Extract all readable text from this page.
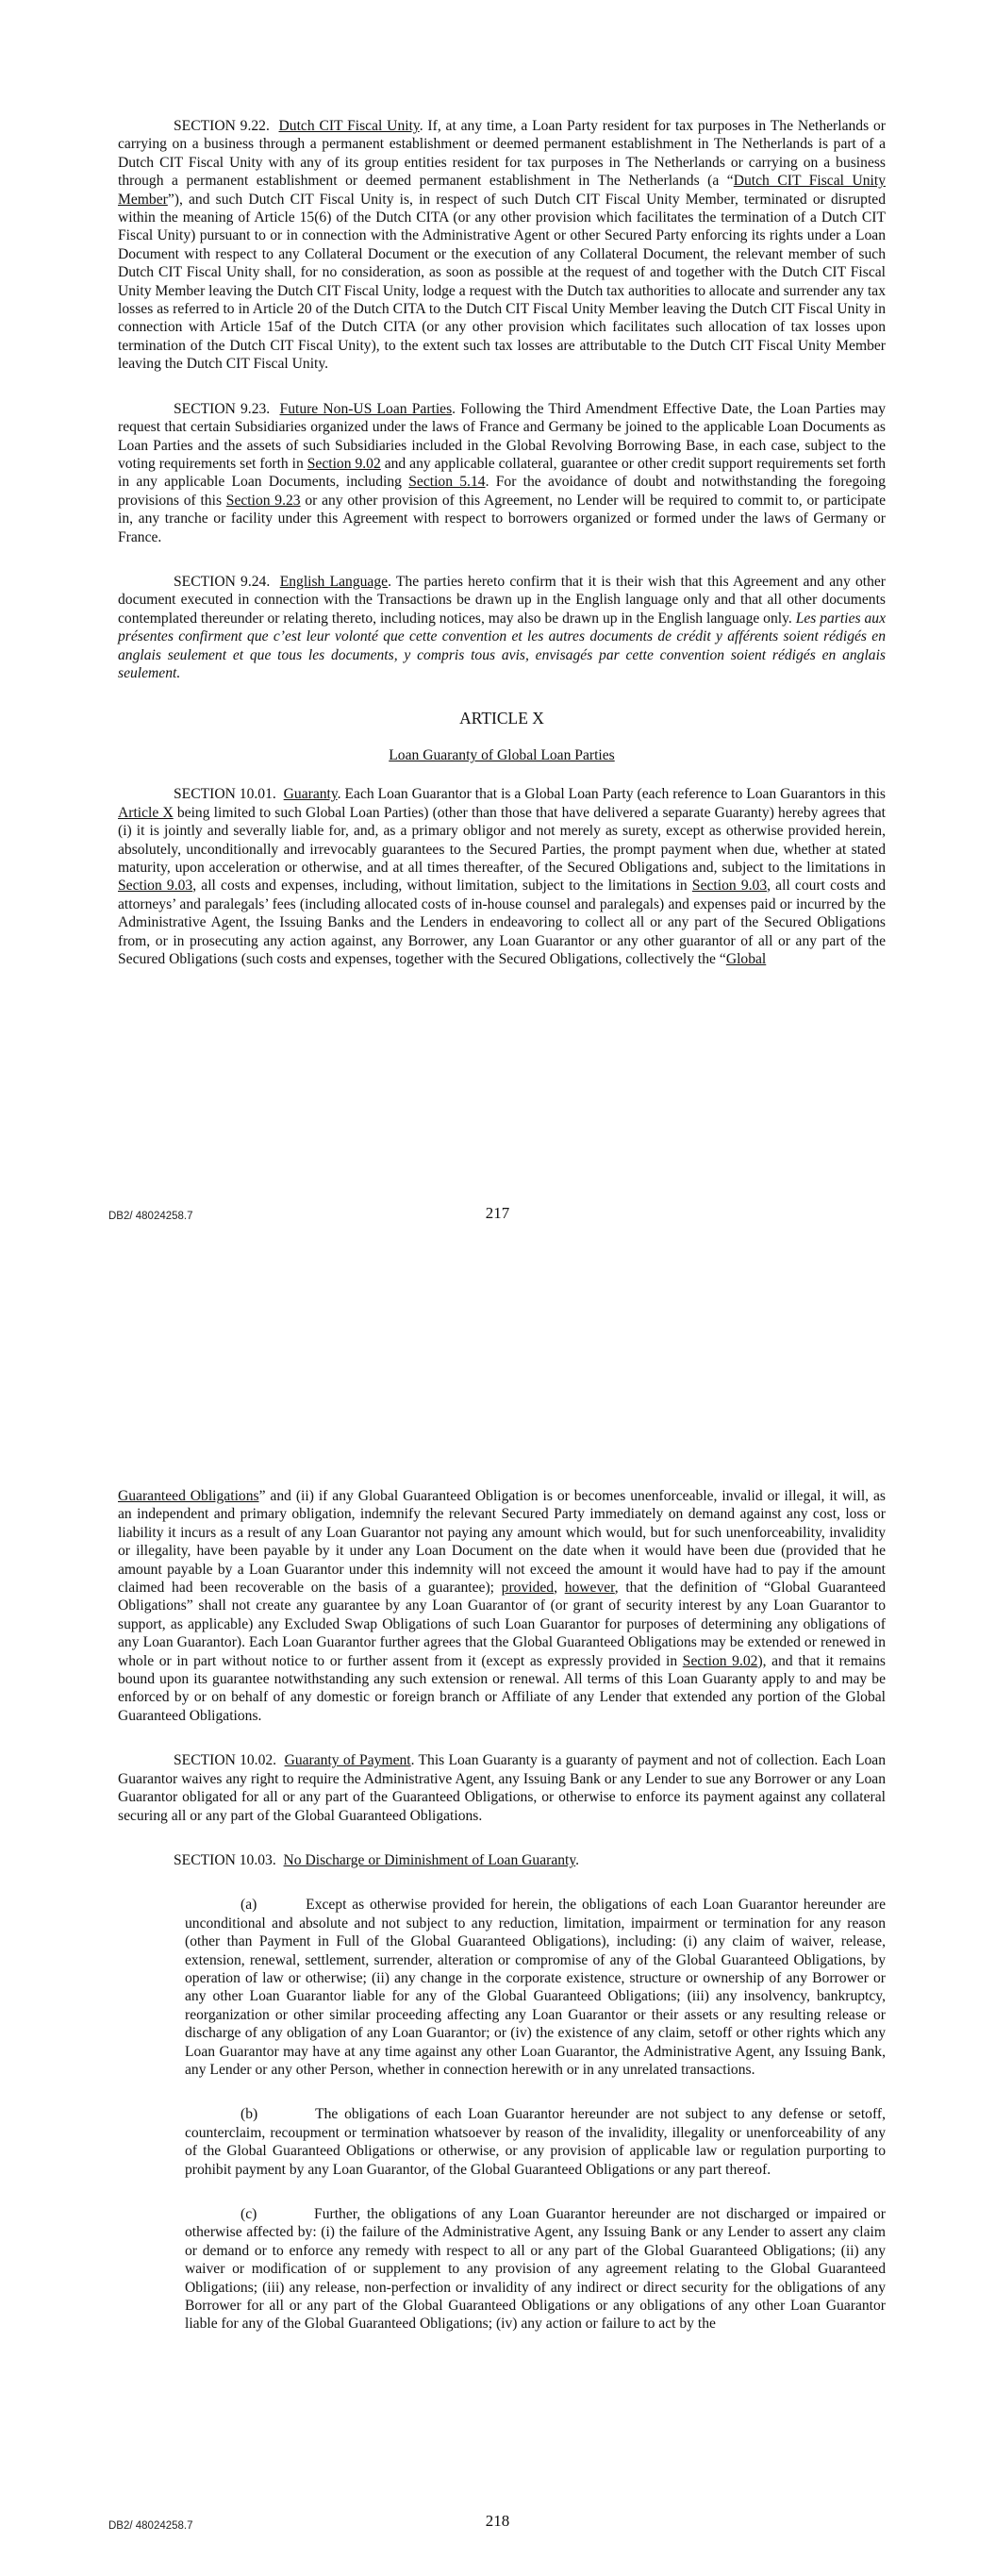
SECTION 9.22. Dutch CIT Fiscal Unity. If, at any time, a Loan Party resident for tax purposes in The Netherlands or carrying on a business through a permanent establishment or deemed permanent establishment in The Netherlands is part of a Dutch CIT Fiscal Unity with any of its group entities resident for tax purposes in The Netherlands or carrying on a business through a permanent establishment or deemed permanent establishment in The Netherlands (a “Dutch CIT Fiscal Unity Member”), and such Dutch CIT Fiscal Unity is, in respect of such Dutch CIT Fiscal Unity Member, terminated or disrupted within the meaning of Article 15(6) of the Dutch CITA (or any other provision which facilitates the termination of a Dutch CIT Fiscal Unity) pursuant to or in connection with the Administrative Agent or other Secured Party enforcing its rights under a Loan Document with respect to any Collateral Document or the execution of any Collateral Document, the relevant member of such Dutch CIT Fiscal Unity shall, for no consideration, as soon as possible at the request of and together with the Dutch CIT Fiscal Unity Member leaving the Dutch CIT Fiscal Unity, lodge a request with the Dutch tax authorities to allocate and surrender any tax losses as referred to in Article 20 of the Dutch CITA to the Dutch CIT Fiscal Unity Member leaving the Dutch CIT Fiscal Unity in connection with Article 15af of the Dutch CITA (or any other provision which facilitates such allocation of tax losses upon termination of the Dutch CIT Fiscal Unity), to the extent such tax losses are attributable to the Dutch CIT Fiscal Unity Member leaving the Dutch CIT Fiscal Unity.

SECTION 9.23. Future Non-US Loan Parties. Following the Third Amendment Effective Date, the Loan Parties may request that certain Subsidiaries organized under the laws of France and Germany be joined to the applicable Loan Documents as Loan Parties and the assets of such Subsidiaries included in the Global Revolving Borrowing Base, in each case, subject to the voting requirements set forth in Section 9.02 and any applicable collateral, guarantee or other credit support requirements set forth in any applicable Loan Documents, including Section 5.14. For the avoidance of doubt and notwithstanding the foregoing provisions of this Section 9.23 or any other provision of this Agreement, no Lender will be required to commit to, or participate in, any tranche or facility under this Agreement with respect to borrowers organized or formed under the laws of Germany or France.

SECTION 9.24. English Language. The parties hereto confirm that it is their wish that this Agreement and any other document executed in connection with the Transactions be drawn up in the English language only and that all other documents contemplated thereunder or relating thereto, including notices, may also be drawn up in the English language only. Les parties aux présentes confirment que c’est leur volonté que cette convention et les autres documents de crédit y afférents soient rédigés en anglais seulement et que tous les documents, y compris tous avis, envisagés par cette convention soient rédigés en anglais seulement.

ARTICLE X
Loan Guaranty of Global Loan Parties

SECTION 10.01. Guaranty. Each Loan Guarantor that is a Global Loan Party (each reference to Loan Guarantors in this Article X being limited to such Global Loan Parties) (other than those that have delivered a separate Guaranty) hereby agrees that (i) it is jointly and severally liable for, and, as a primary obligor and not merely as surety, except as otherwise provided herein, absolutely, unconditionally and irrevocably guarantees to the Secured Parties, the prompt payment when due, whether at stated maturity, upon acceleration or otherwise, and at all times thereafter, of the Secured Obligations and, subject to the limitations in Section 9.03, all costs and expenses, including, without limitation, subject to the limitations in Section 9.03, all court costs and attorneys’ and paralegals’ fees (including allocated costs of in-house counsel and paralegals) and expenses paid or incurred by the Administrative Agent, the Issuing Banks and the Lenders in endeavoring to collect all or any part of the Secured Obligations from, or in prosecuting any action against, any Borrower, any Loan Guarantor or any other guarantor of all or any part of the Secured Obligations (such costs and expenses, together with the Secured Obligations, collectively the “Global

DB2/ 48024258.7	217

Guaranteed Obligations” and (ii) if any Global Guaranteed Obligation is or becomes unenforceable, invalid or illegal, it will, as an independent and primary obligation, indemnify the relevant Secured Party immediately on demand against any cost, loss or liability it incurs as a result of any Loan Guarantor not paying any amount which would, but for such unenforceability, invalidity or illegality, have been payable by it under any Loan Document on the date when it would have been due (provided that he amount payable by a Loan Guarantor under this indemnity will not exceed the amount it would have had to pay if the amount claimed had been recoverable on the basis of a guarantee); provided, however, that the definition of “Global Guaranteed Obligations” shall not create any guarantee by any Loan Guarantor of (or grant of security interest by any Loan Guarantor to support, as applicable) any Excluded Swap Obligations of such Loan Guarantor for purposes of determining any obligations of any Loan Guarantor). Each Loan Guarantor further agrees that the Global Guaranteed Obligations may be extended or renewed in whole or in part without notice to or further assent from it (except as expressly provided in Section 9.02), and that it remains bound upon its guarantee notwithstanding any such extension or renewal. All terms of this Loan Guaranty apply to and may be enforced by or on behalf of any domestic or foreign branch or Affiliate of any Lender that extended any portion of the Global Guaranteed Obligations.

SECTION 10.02. Guaranty of Payment. This Loan Guaranty is a guaranty of payment and not of collection. Each Loan Guarantor waives any right to require the Administrative Agent, any Issuing Bank or any Lender to sue any Borrower or any Loan Guarantor obligated for all or any part of the Guaranteed Obligations, or otherwise to enforce its payment against any collateral securing all or any part of the Global Guaranteed Obligations.

SECTION 10.03. No Discharge or Diminishment of Loan Guaranty.

(a)	Except as otherwise provided for herein, the obligations of each Loan Guarantor hereunder are unconditional and absolute and not subject to any reduction, limitation, impairment or termination for any reason (other than Payment in Full of the Global Guaranteed Obligations), including: (i) any claim of waiver, release, extension, renewal, settlement, surrender, alteration or compromise of any of the Global Guaranteed Obligations, by operation of law or otherwise; (ii) any change in the corporate existence, structure or ownership of any Borrower or any other Loan Guarantor liable for any of the Global Guaranteed Obligations; (iii) any insolvency, bankruptcy, reorganization or other similar proceeding affecting any Loan Guarantor or their assets or any resulting release or discharge of any obligation of any Loan Guarantor; or (iv) the existence of any claim, setoff or other rights which any Loan Guarantor may have at any time against any other Loan Guarantor, the Administrative Agent, any Issuing Bank, any Lender or any other Person, whether in connection herewith or in any unrelated transactions.

(b)	The obligations of each Loan Guarantor hereunder are not subject to any defense or setoff, counterclaim, recoupment or termination whatsoever by reason of the invalidity, illegality or unenforceability of any of the Global Guaranteed Obligations or otherwise, or any provision of applicable law or regulation purporting to prohibit payment by any Loan Guarantor, of the Global Guaranteed Obligations or any part thereof.

(c)	Further, the obligations of any Loan Guarantor hereunder are not discharged or impaired or otherwise affected by: (i) the failure of the Administrative Agent, any Issuing Bank or any Lender to assert any claim or demand or to enforce any remedy with respect to all or any part of the Global Guaranteed Obligations; (ii) any waiver or modification of or supplement to any provision of any agreement relating to the Global Guaranteed Obligations; (iii) any release, non-perfection or invalidity of any indirect or direct security for the obligations of any Borrower for all or any part of the Global Guaranteed Obligations or any obligations of any other Loan Guarantor liable for any of the Global Guaranteed Obligations; (iv) any action or failure to act by the

DB2/ 48024258.7	218
